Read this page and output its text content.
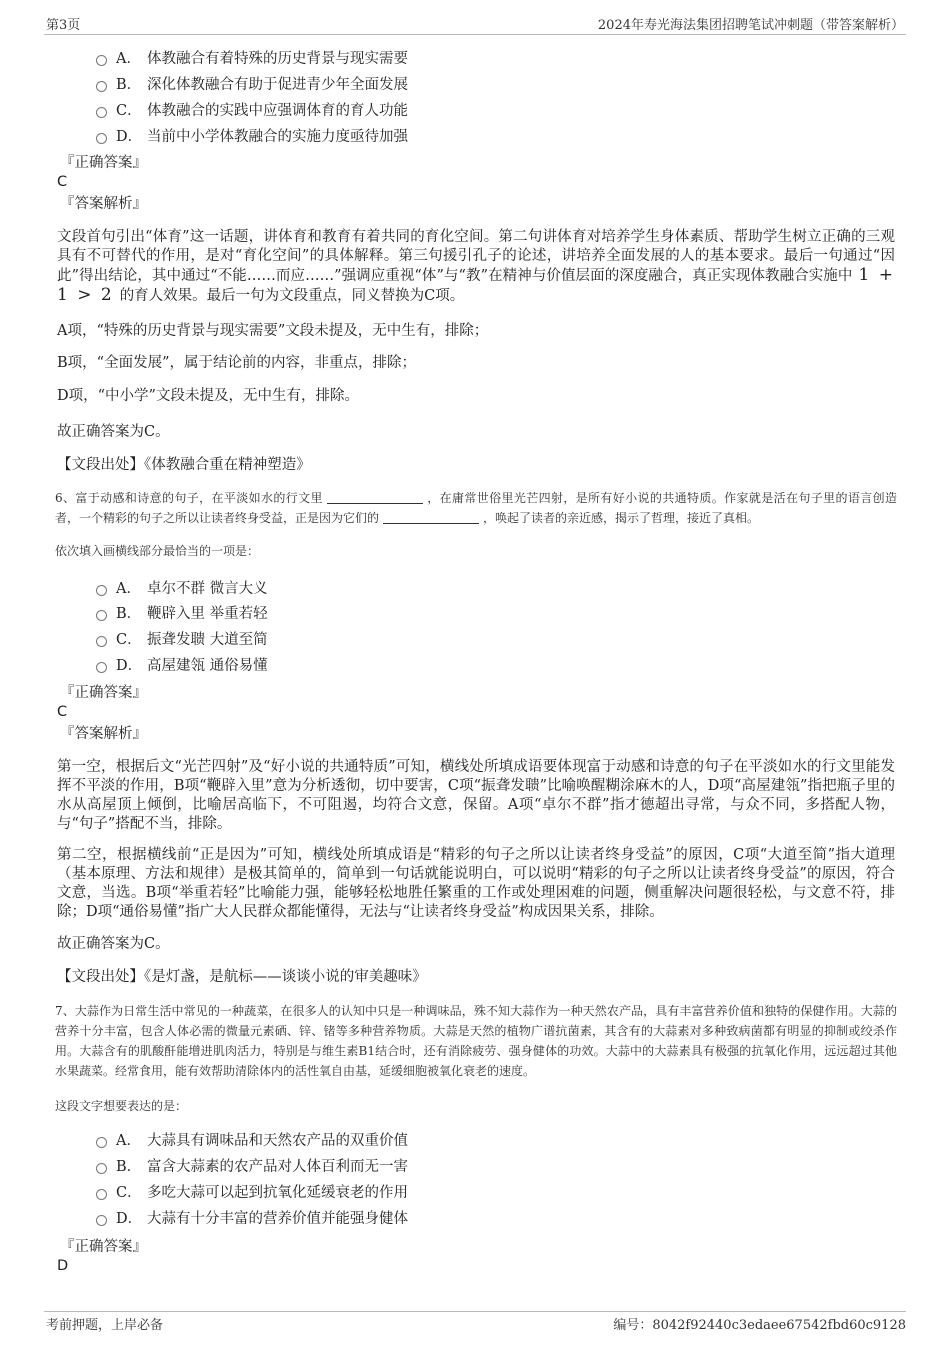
第3页	2024年寿光海法集团招聘笔试冲刺题（带答案解析）
A． 体教融合有着特殊的历史背景与现实需要
B． 深化体教融合有助于促进青少年全面发展
C． 体教融合的实践中应强调体育的育人功能
D． 当前中小学体教融合的实施力度亟待加强
『正确答案』
C
『答案解析』
文段首句引出“体育”这一话题，讲体育和教育有着共同的育化空间。第二句讲体育对培养学生身体素质、帮助学生树立正确的三观具有不可替代的作用，是对“育化空间”的具体解释。第三句援引孔子的论述，讲培养全面发展的人的基本要求。最后一句通过“因此”得出结论，其中通过“不能……而应……”强调应重视“体”与“教”在精神与价值层面的深度融合，真正实现体教融合实施中 1 + 1 > 2 的育人效果。最后一句为文段重点，同义替换为C项。
A项，“特殊的历史背景与现实需要”文段未提及，无中生有，排除；
B项，“全面发展”，属于结论前的内容，非重点，排除；
D项，“中小学”文段未提及，无中生有，排除。
故正确答案为C。
【文段出处】《体教融合重在精神塑造》
6、富于动感和诗意的句子，在平淡如水的行文里	，在庸常世俗里光芒四射，是所有好小说的共通特质。作家就是活在句子里的语言创造者，一个精彩的句子之所以让读者终身受益，正是因为它们的	，唤起了读者的亲近感，揭示了哲理，接近了真相。
依次填入画横线部分最恰当的一项是：
A． 卓尔不群 微言大义
B． 鞭辟入里 举重若轻
C． 振聋发聩 大道至简
D． 高屋建瓴 通俗易懂
『正确答案』
C
『答案解析』
第一空，根据后文“光芒四射”及“好小说的共通特质”可知，横线处所填成语要体现富于动感和诗意的句子在平淡如水的行文里能发挥不平淡的作用，B项“鞭辟入里”意为分析透彻，切中要害，C项“振聋发聩”比喻唤醒糊涂麻木的人，D项“高屋建瓴”指把瓶子里的水从高屋顶上倾倒，比喻居高临下，不可阻遏，均符合文意，保留。A项“卓尔不群”指才德超出寻常，与众不同，多搭配人物，与“句子”搭配不当，排除。
第二空，根据横线前“正是因为”可知，横线处所填成语是“精彩的句子之所以让读者终身受益”的原因，C项“大道至简”指大道理（基本原理、方法和规律）是极其简单的，简单到一句话就能说明白，可以说明“精彩的句子之所以让读者终身受益”的原因，符合文意，当选。B项“举重若轻”比喻能力强，能够轻松地胜任繁重的工作或处理困难的问题，侧重解决问题很轻松，与文意不符，排除；D项“通俗易懂”指广大人民群众都能懂得，无法与“让读者终身受益”构成因果关系，排除。
故正确答案为C。
【文段出处】《是灯盏，是航标——谈谈小说的审美趣味》
7、大蒜作为日常生活中常见的一种蔬菜，在很多人的认知中只是一种调味品，殊不知大蒜作为一种天然农产品，具有丰富营养价值和独特的保健作用。大蒜的营养十分丰富，包含人体必需的微量元素硒、锌、锗等多种营养物质。大蒜是天然的植物广谱抗菌素，其含有的大蒜素对多种致病菌都有明显的抑制或绞杀作用。大蒜含有的肌酸酐能增进肌肉活力，特别是与维生素B1结合时，还有消除疲劳、强身健体的功效。大蒜中的大蒜素具有极强的抗氧化作用，远远超过其他水果蔬菜。经常食用，能有效帮助清除体内的活性氧自由基，延缓细胞被氧化衰老的速度。
这段文字想要表达的是：
A． 大蒜具有调味品和天然农产品的双重价值
B． 富含大蒜素的农产品对人体百利而无一害
C． 多吃大蒜可以起到抗氧化延缓衰老的作用
D． 大蒜有十分丰富的营养价值并能强身健体
『正确答案』
D
考前押题，上岸必备	编号：8042f92440c3edaee67542fbd60c9128
